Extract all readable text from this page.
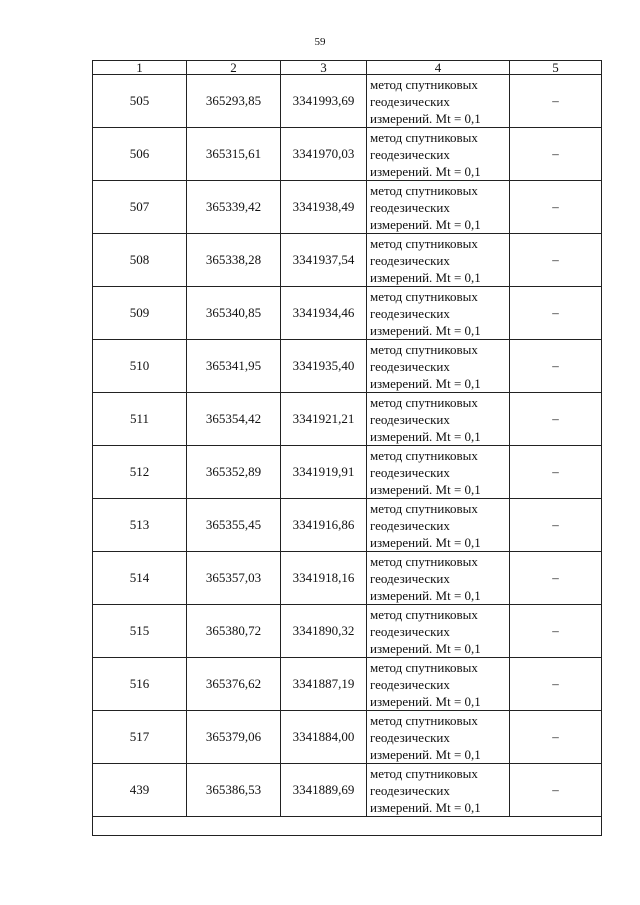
59
1	2	3	4	5
505	365293,85	3341993,69	метод спутниковых
геодезических
измерений. Mt = 0,1	–
506	365315,61	3341970,03	метод спутниковых
геодезических
измерений. Mt = 0,1	–
507	365339,42	3341938,49	метод спутниковых
геодезических
измерений. Mt = 0,1	–
508	365338,28	3341937,54	метод спутниковых
геодезических
измерений. Mt = 0,1	–
509	365340,85	3341934,46	метод спутниковых
геодезических
измерений. Mt = 0,1	–
510	365341,95	3341935,40	метод спутниковых
геодезических
измерений. Mt = 0,1	–
511	365354,42	3341921,21	метод спутниковых
геодезических
измерений. Mt = 0,1	–
512	365352,89	3341919,91	метод спутниковых
геодезических
измерений. Mt = 0,1	–
513	365355,45	3341916,86	метод спутниковых
геодезических
измерений. Mt = 0,1	–
514	365357,03	3341918,16	метод спутниковых
геодезических
измерений. Mt = 0,1	–
515	365380,72	3341890,32	метод спутниковых
геодезических
измерений. Mt = 0,1	–
516	365376,62	3341887,19	метод спутниковых
геодезических
измерений. Mt = 0,1	–
517	365379,06	3341884,00	метод спутниковых
геодезических
измерений. Mt = 0,1	–
439	365386,53	3341889,69	метод спутниковых
геодезических
измерений. Mt = 0,1	–
